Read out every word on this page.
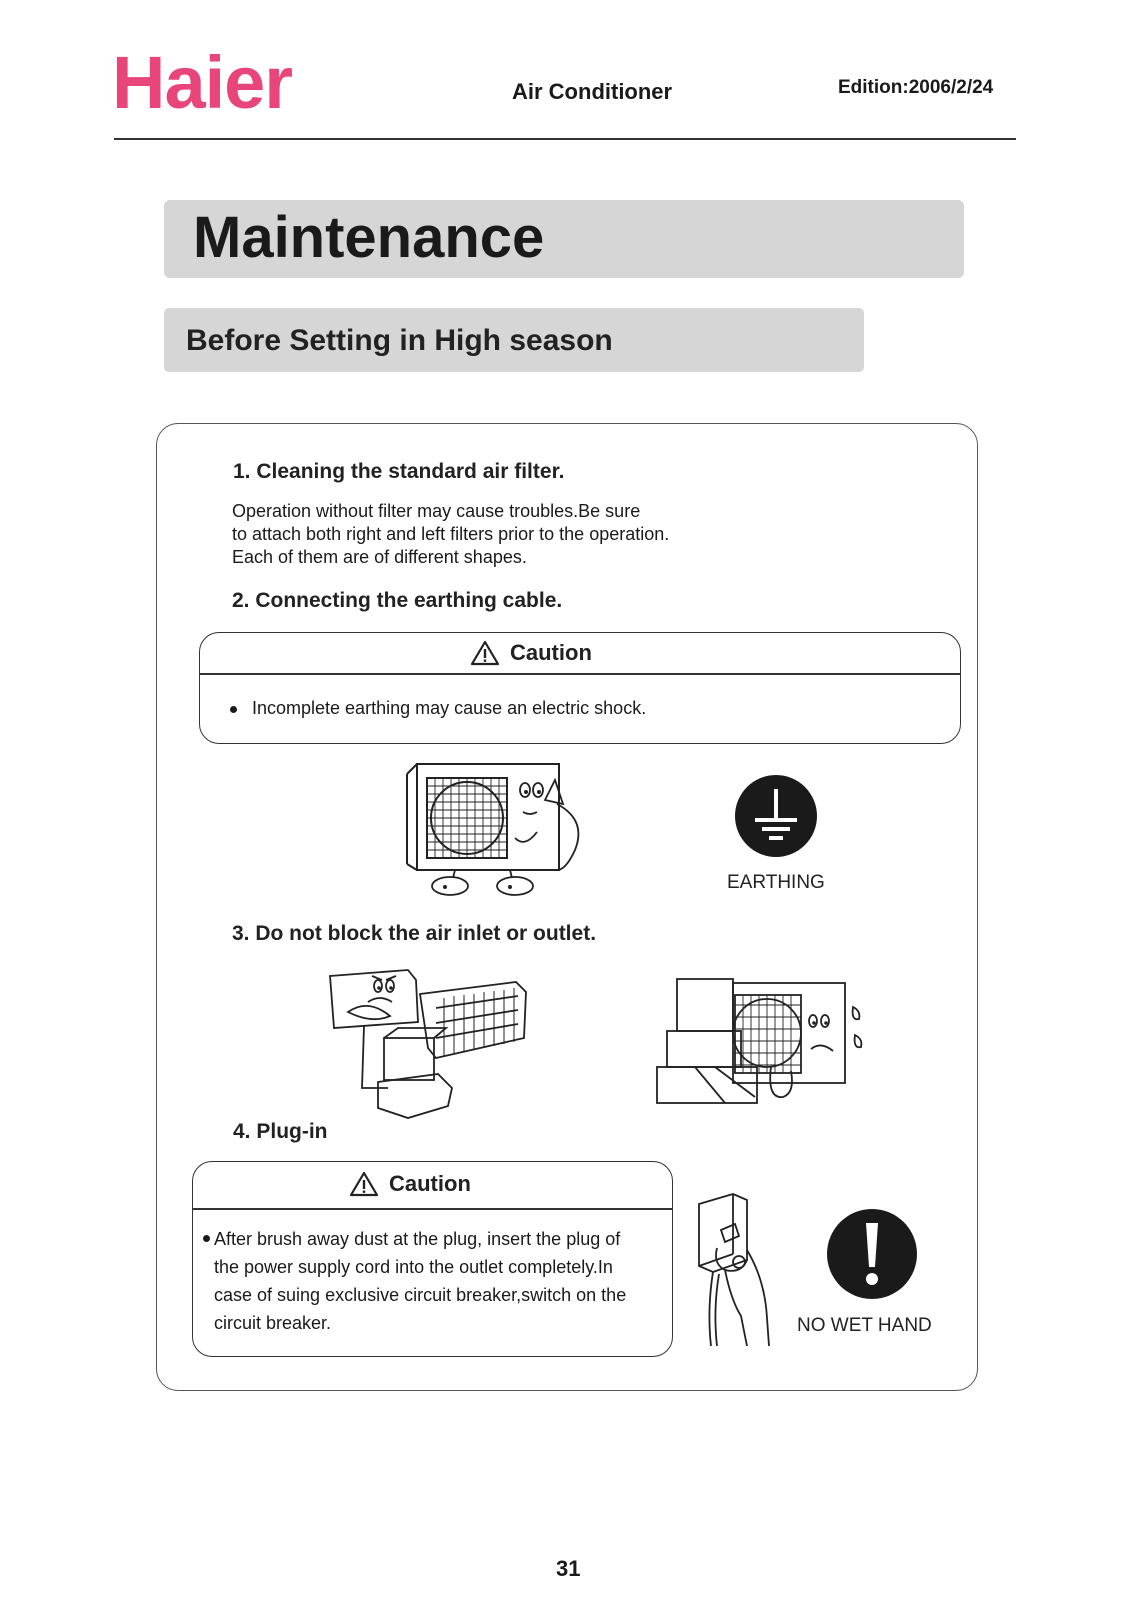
Haier	Air Conditioner	Edition:2006/2/24
Maintenance
Before Setting in High season
1. Cleaning the standard air filter.
Operation without filter may cause troubles.Be sure
to attach both right and left filters prior to the operation.
Each of them are of different shapes.
2. Connecting the earthing cable.
Caution
Incomplete earthing may cause an electric shock.
EARTHING
3. Do not block the air inlet or outlet.
4. Plug-in
Caution
After brush away dust at the plug, insert the plug of
the power supply cord into the outlet completely.In
case of suing exclusive circuit breaker,switch on the
circuit breaker.	NO WET HAND
31
